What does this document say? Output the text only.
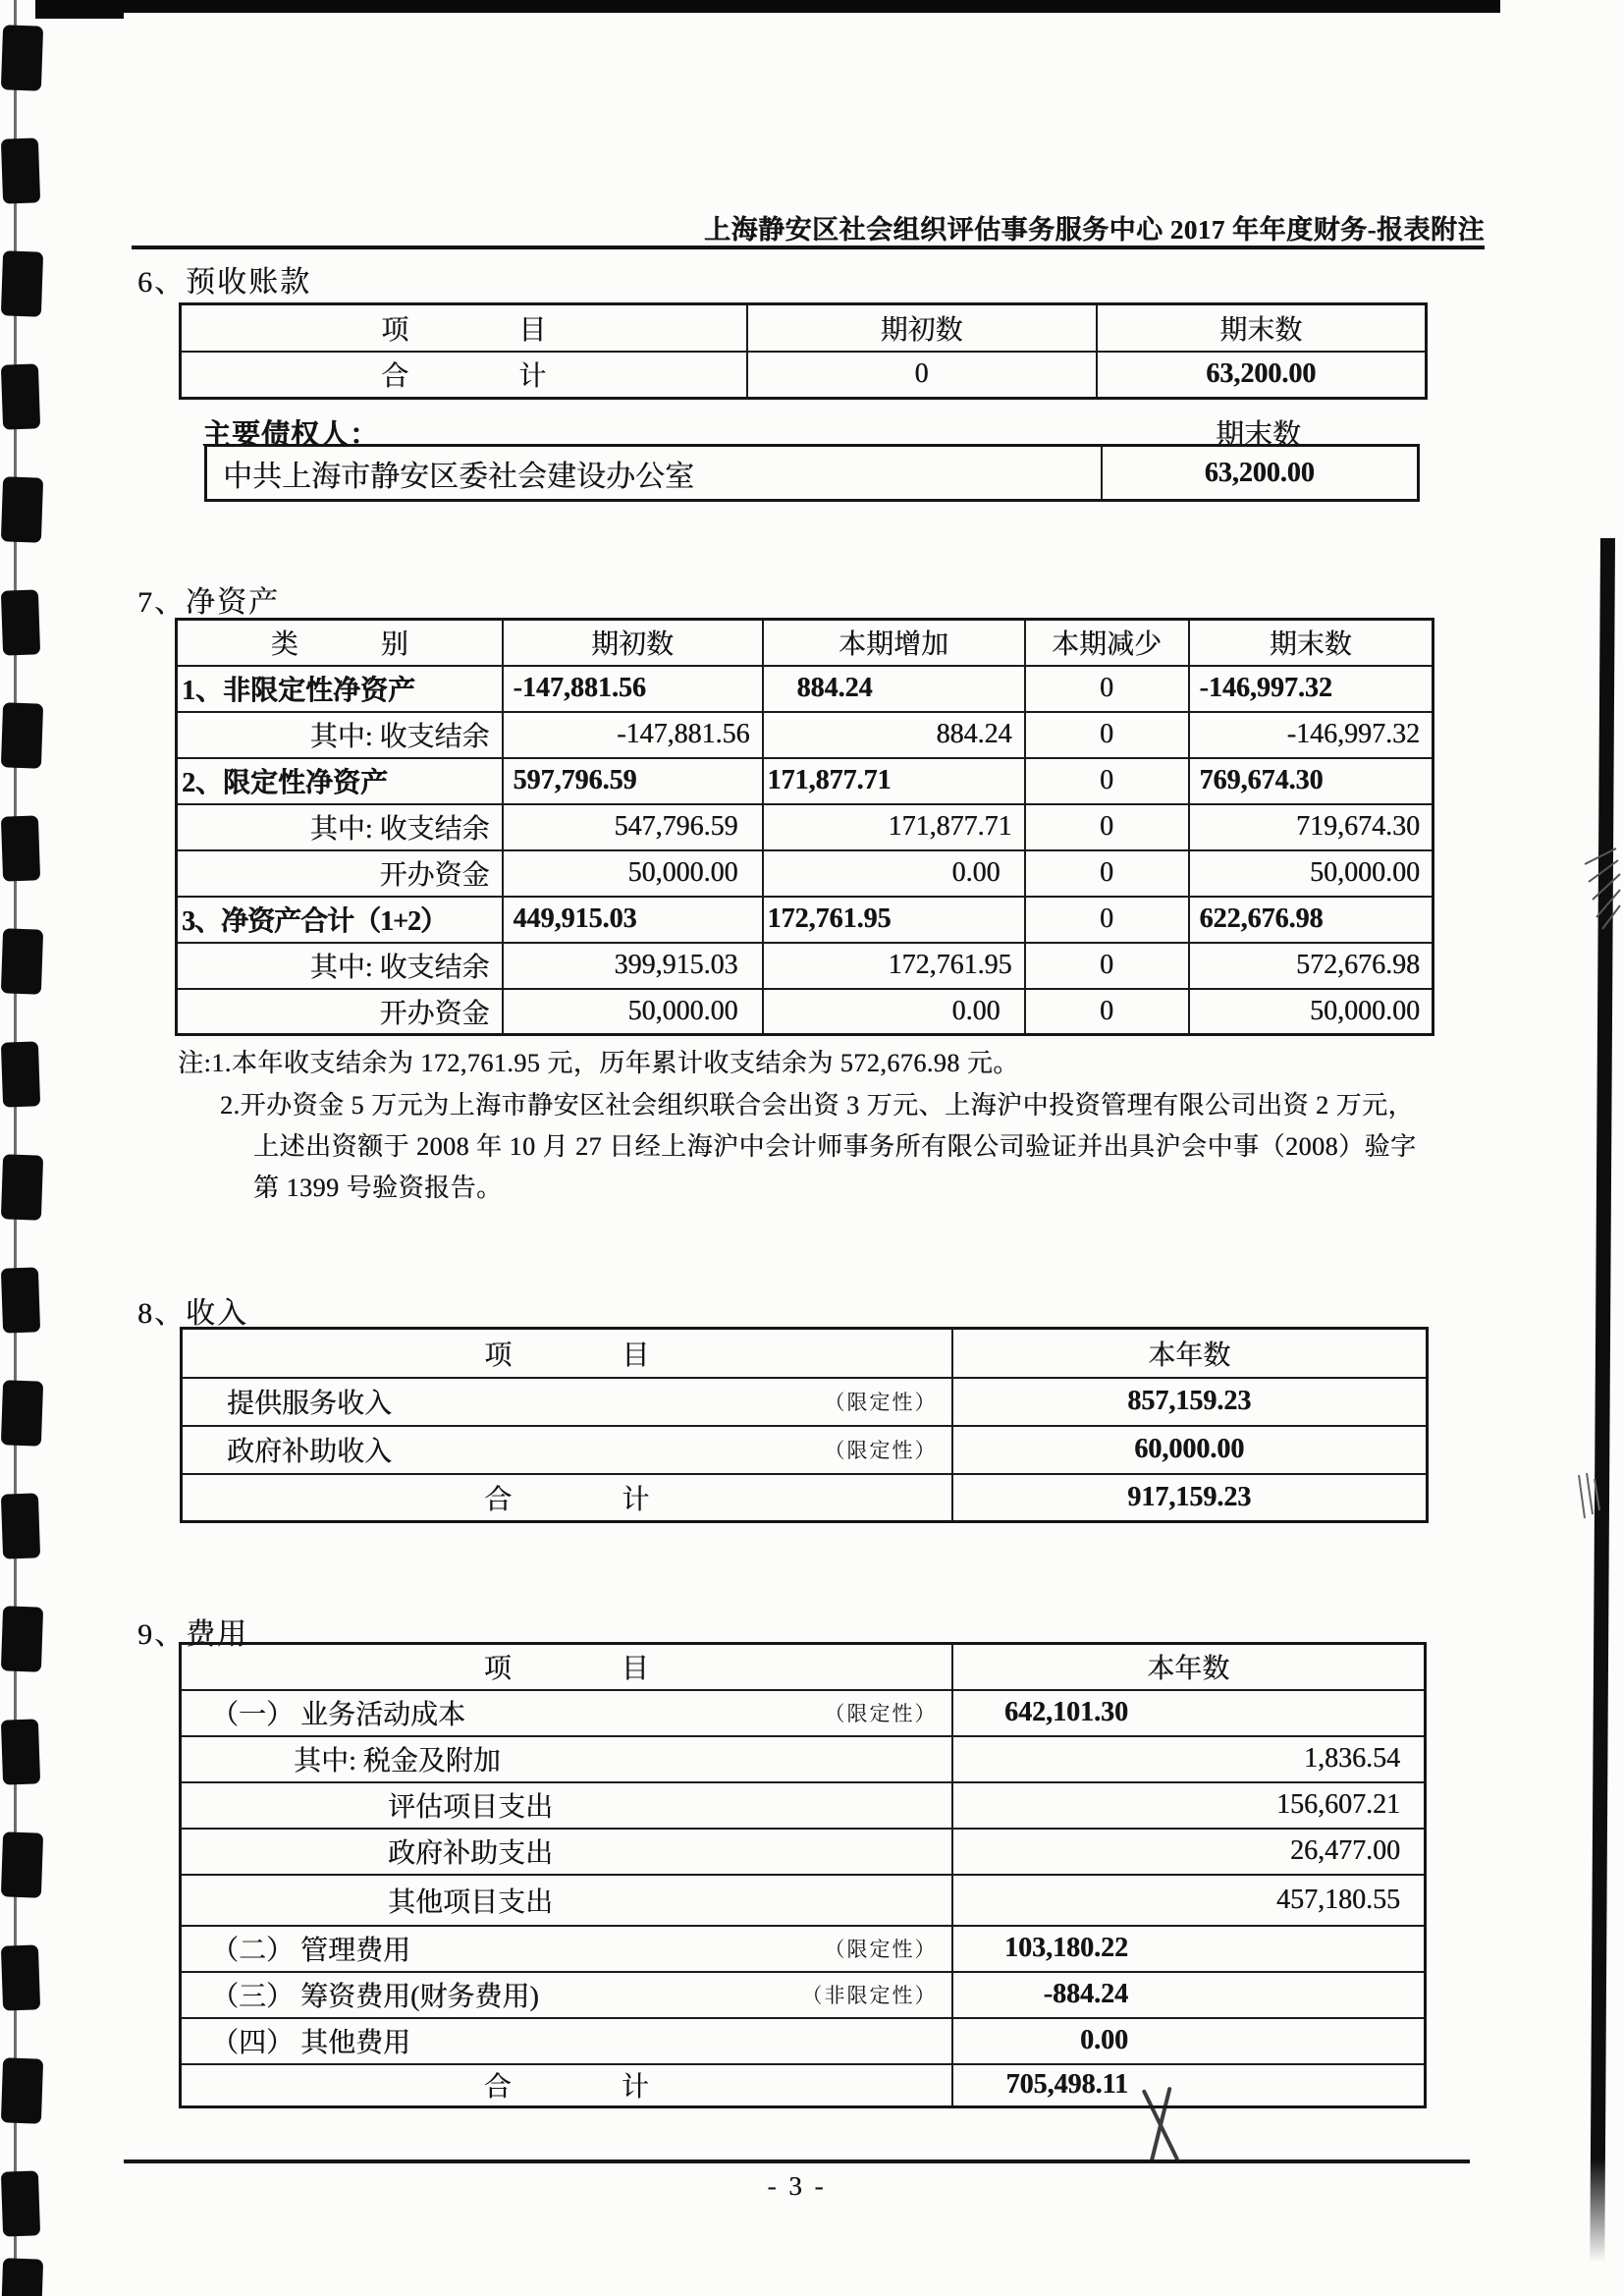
上海静安区社会组织评估事务服务中心 2017 年年度财务-报表附注
6、预收账款
项　　　　目	期初数	期末数
合　　　　计	0	63,200.00
主要债权人：	期末数
中共上海市静安区委社会建设办公室	63,200.00
7、净资产
类　　　别	期初数	本期增加	本期减少	期末数
1、非限定性净资产	-147,881.56	884.24	0	-146,997.32
其中: 收支结余	-147,881.56	884.24	0	-146,997.32
2、限定性净资产	597,796.59	171,877.71	0	769,674.30
其中: 收支结余	547,796.59	171,877.71	0	719,674.30
开办资金	50,000.00	0.00	0	50,000.00
3、净资产合计（1+2）	449,915.03	172,761.95	0	622,676.98
其中: 收支结余	399,915.03	172,761.95	0	572,676.98
开办资金	50,000.00	0.00	0	50,000.00
注:1.本年收支结余为 172,761.95 元，历年累计收支结余为 572,676.98 元。
2.开办资金 5 万元为上海市静安区社会组织联合会出资 3 万元、上海沪中投资管理有限公司出资 2 万元，
上述出资额于 2008 年 10 月 27 日经上海沪中会计师事务所有限公司验证并出具沪会中事（2008）验字
第 1399 号验资报告。
8、收入
项　　　　目	本年数
提供服务收入 （限定性）	857,159.23
政府补助收入 （限定性）	60,000.00
合　　　　计	917,159.23
9、费用
项　　　　目	本年数
（一） 业务活动成本 （限定性）	642,101.30
其中: 税金及附加	1,836.54
评估项目支出	156,607.21
政府补助支出	26,477.00
其他项目支出	457,180.55
（二） 管理费用 （限定性）	103,180.22
（三） 筹资费用(财务费用) （非限定性）	-884.24
（四） 其他费用	0.00
合　　　　计	705,498.11
- 3 -
